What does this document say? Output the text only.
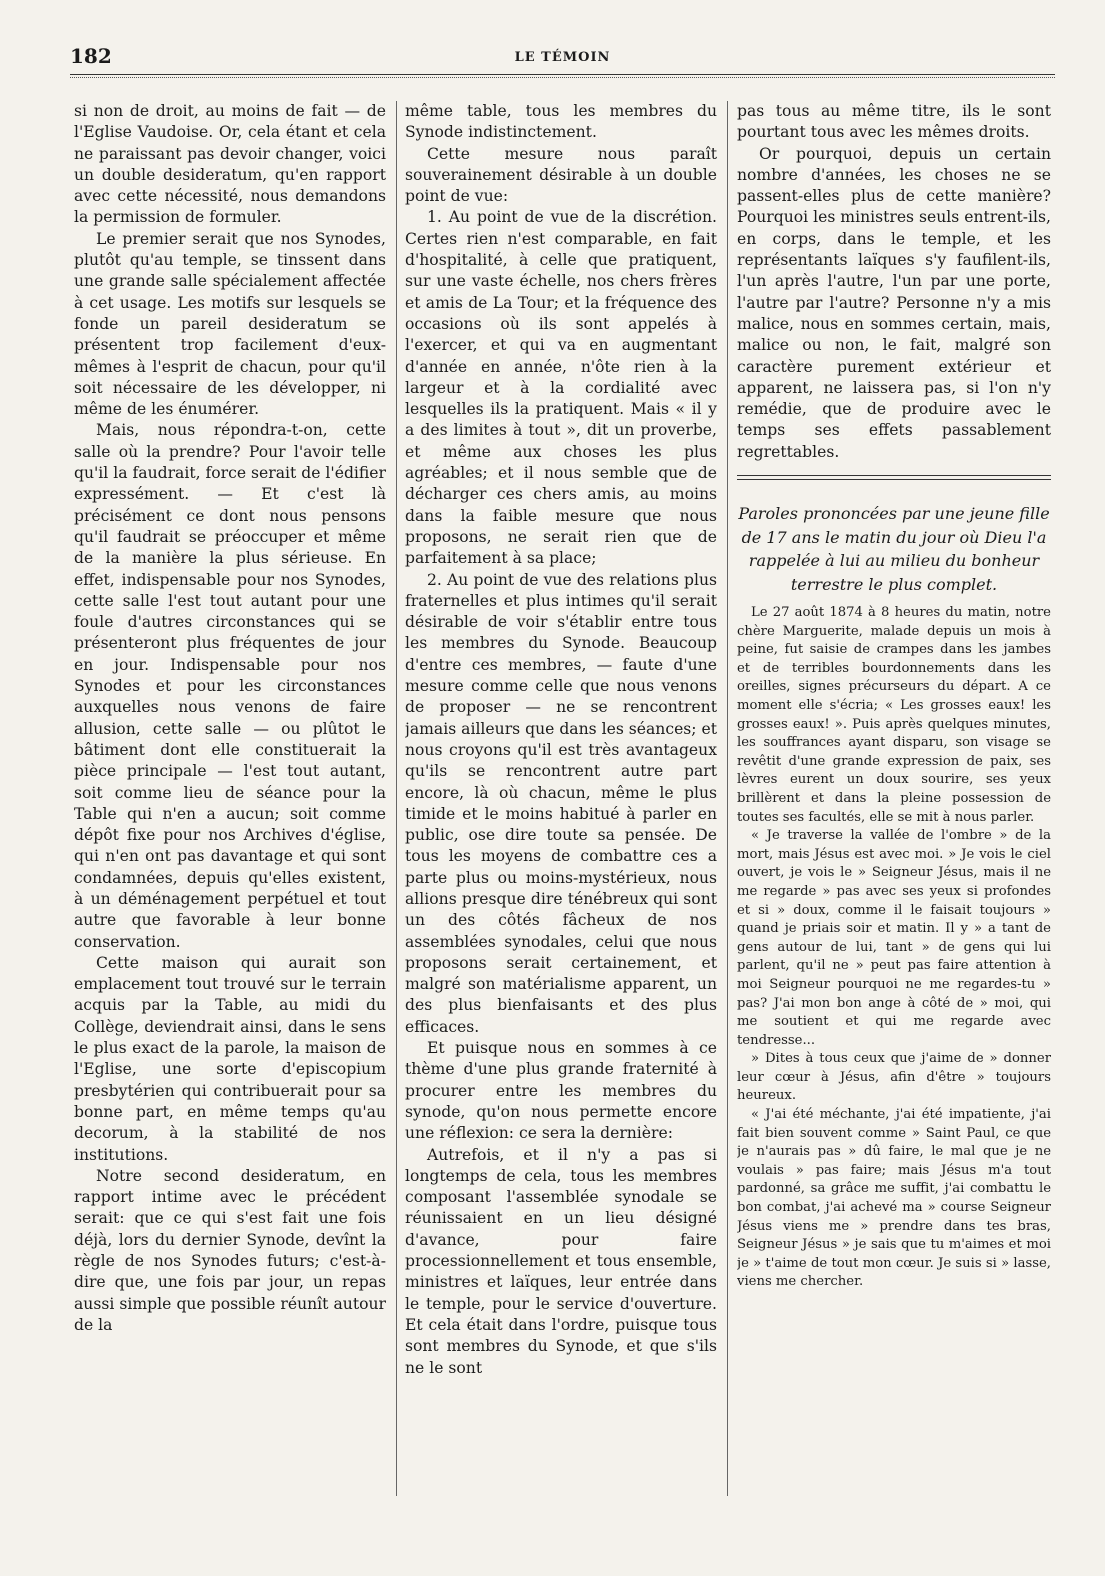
182	LE TÉMOIN

si non de droit, au moins de fait — de l'Eglise Vaudoise. Or, cela étant et cela ne paraissant pas devoir changer, voici un double desideratum, qu'en rapport avec cette nécessité, nous demandons la permission de formuler.

Le premier serait que nos Synodes, plutôt qu'au temple, se tinssent dans une grande salle spécialement affectée à cet usage. Les motifs sur lesquels se fonde un pareil desideratum se présentent trop facilement d'eux-mêmes à l'esprit de chacun, pour qu'il soit nécessaire de les développer, ni même de les énumérer.

Mais, nous répondra-t-on, cette salle où la prendre? Pour l'avoir telle qu'il la faudrait, force serait de l'édifier expressément. — Et c'est là précisément ce dont nous pensons qu'il faudrait se préoccuper et même de la manière la plus sérieuse. En effet, indispensable pour nos Synodes, cette salle l'est tout autant pour une foule d'autres circonstances qui se présenteront plus fréquentes de jour en jour. Indispensable pour nos Synodes et pour les circonstances auxquelles nous venons de faire allusion, cette salle — ou plûtot le bâtiment dont elle constituerait la pièce principale — l'est tout autant, soit comme lieu de séance pour la Table qui n'en a aucun; soit comme dépôt fixe pour nos Archives d'église, qui n'en ont pas davantage et qui sont condamnées, depuis qu'elles existent, à un déménagement perpétuel et tout autre que favorable à leur bonne conservation.

Cette maison qui aurait son emplacement tout trouvé sur le terrain acquis par la Table, au midi du Collège, deviendrait ainsi, dans le sens le plus exact de la parole, la maison de l'Eglise, une sorte d'episcopium presbytérien qui contribuerait pour sa bonne part, en même temps qu'au decorum, à la stabilité de nos institutions.

Notre second desideratum, en rapport intime avec le précédent serait: que ce qui s'est fait une fois déjà, lors du dernier Synode, devînt la règle de nos Synodes futurs; c'est-à-dire que, une fois par jour, un repas aussi simple que possible réunît autour de la

même table, tous les membres du Synode indistinctement.

Cette mesure nous paraît souverainement désirable à un double point de vue:

1. Au point de vue de la discrétion. Certes rien n'est comparable, en fait d'hospitalité, à celle que pratiquent, sur une vaste échelle, nos chers frères et amis de La Tour; et la fréquence des occasions où ils sont appelés à l'exercer, et qui va en augmentant d'année en année, n'ôte rien à la largeur et à la cordialité avec lesquelles ils la pratiquent. Mais « il y a des limites à tout », dit un proverbe, et même aux choses les plus agréables; et il nous semble que de décharger ces chers amis, au moins dans la faible mesure que nous proposons, ne serait rien que de parfaitement à sa place;

2. Au point de vue des relations plus fraternelles et plus intimes qu'il serait désirable de voir s'établir entre tous les membres du Synode. Beaucoup d'entre ces membres, — faute d'une mesure comme celle que nous venons de proposer — ne se rencontrent jamais ailleurs que dans les séances; et nous croyons qu'il est très avantageux qu'ils se rencontrent autre part encore, là où chacun, même le plus timide et le moins habitué à parler en public, ose dire toute sa pensée. De tous les moyens de combattre ces a parte plus ou moins-mystérieux, nous allions presque dire ténébreux qui sont un des côtés fâcheux de nos assemblées synodales, celui que nous proposons serait certainement, et malgré son matérialisme apparent, un des plus bienfaisants et des plus efficaces.

Et puisque nous en sommes à ce thème d'une plus grande fraternité à procurer entre les membres du synode, qu'on nous permette encore une réflexion: ce sera la dernière:

Autrefois, et il n'y a pas si longtemps de cela, tous les membres composant l'assemblée synodale se réunissaient en un lieu désigné d'avance, pour faire processionnellement et tous ensemble, ministres et laïques, leur entrée dans le temple, pour le service d'ouverture. Et cela était dans l'ordre, puisque tous sont membres du Synode, et que s'ils ne le sont

pas tous au même titre, ils le sont pourtant tous avec les mêmes droits.

Or pourquoi, depuis un certain nombre d'années, les choses ne se passent-elles plus de cette manière? Pourquoi les ministres seuls entrent-ils, en corps, dans le temple, et les représentants laïques s'y faufilent-ils, l'un après l'autre, l'un par une porte, l'autre par l'autre? Personne n'y a mis malice, nous en sommes certain, mais, malice ou non, le fait, malgré son caractère purement extérieur et apparent, ne laissera pas, si l'on n'y remédie, que de produire avec le temps ses effets passablement regrettables.

Paroles prononcées par une jeune fille de 17 ans le matin du jour où Dieu l'a rappelée à lui au milieu du bonheur terrestre le plus complet.

Le 27 août 1874 à 8 heures du matin, notre chère Marguerite, malade depuis un mois à peine, fut saisie de crampes dans les jambes et de terribles bourdonnements dans les oreilles, signes précurseurs du départ. A ce moment elle s'écria; « Les grosses eaux! les grosses eaux! ». Puis après quelques minutes, les souffrances ayant disparu, son visage se revêtit d'une grande expression de paix, ses lèvres eurent un doux sourire, ses yeux brillèrent et dans la pleine possession de toutes ses facultés, elle se mit à nous parler.

« Je traverse la vallée de l'ombre » de la mort, mais Jésus est avec moi. » Je vois le ciel ouvert, je vois le » Seigneur Jésus, mais il ne me regarde » pas avec ses yeux si profondes et si » doux, comme il le faisait toujours » quand je priais soir et matin. Il y » a tant de gens autour de lui, tant » de gens qui lui parlent, qu'il ne » peut pas faire attention à moi Seigneur pourquoi ne me regardes-tu » pas? J'ai mon bon ange à côté de » moi, qui me soutient et qui me regarde avec tendresse...

» Dites à tous ceux que j'aime de » donner leur cœur à Jésus, afin d'être » toujours heureux.

« J'ai été méchante, j'ai été impatiente, j'ai fait bien souvent comme » Saint Paul, ce que je n'aurais pas » dû faire, le mal que je ne voulais » pas faire; mais Jésus m'a tout pardonné, sa grâce me suffit, j'ai combattu le bon combat, j'ai achevé ma » course Seigneur Jésus viens me » prendre dans tes bras, Seigneur Jésus » je sais que tu m'aimes et moi je » t'aime de tout mon cœur. Je suis si » lasse, viens me chercher.
